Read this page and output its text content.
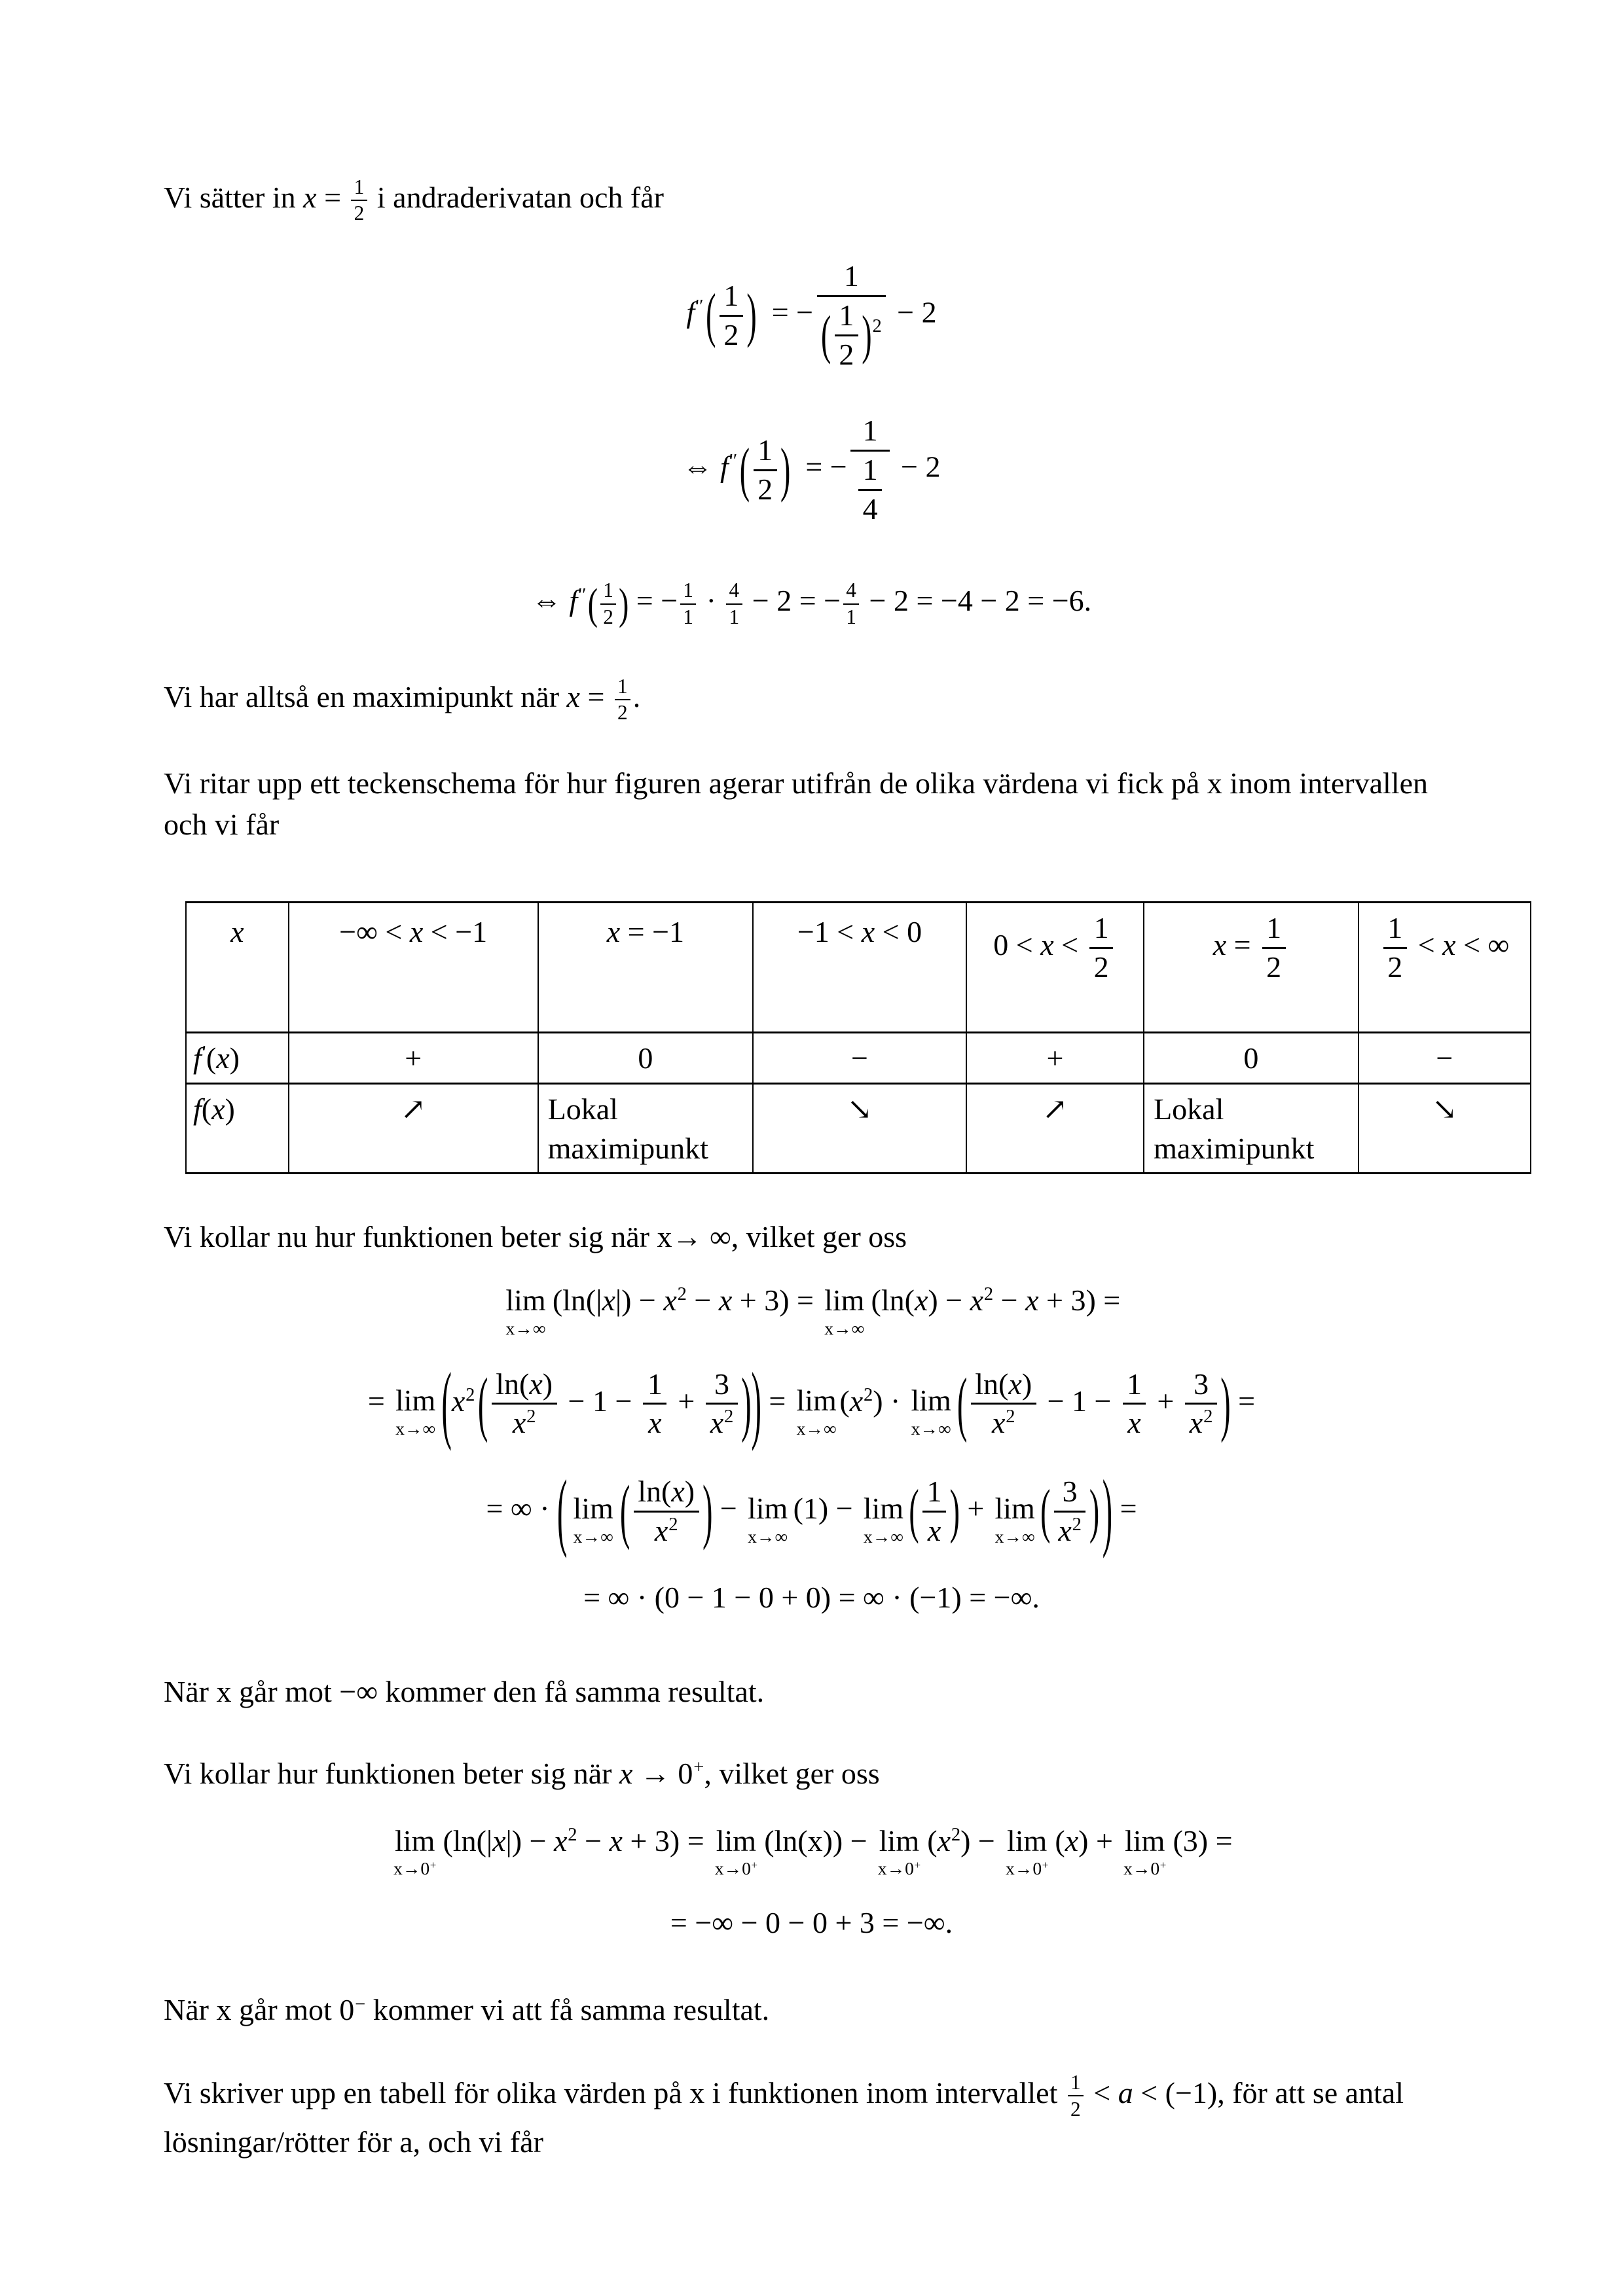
Vi sätter in $x = \frac{1}{2}$ i andraderivatan och får

$f''( \frac{1}{2}$ )  = − $\frac{1}{( \frac{1}{2} )^2} - 2$
⇔ $f''( \frac{1}{2}$ )  = − $\frac{1}{\frac{1}{4}} - 2$
⇔ $f''( \frac{1}{2}$ ) = − $\frac{1}{1} \cdot \frac{4}{1} - 2$ = − $\frac{4}{1} - 2 = -4 - 2 = -6$.

Vi har alltså en maximipunkt när $x = \frac{1}{2}$ .

Vi ritar upp ett teckenschema för hur figuren agerar utifrån de olika värdena vi fick på x inom intervallen och vi får

x	−∞ < x < −1	x = −1	−1 < x < 0	$0 < x < \frac{1}{2}$	$x = \frac{1}{2}$	$\frac{1}{2} < x$ < ∞
f′(x)	+	0	−	+	0	−
f(x)	↗	Lokal maximipunkt	↘	↗	Lokal maximipunkt	↘

Vi kollar nu hur funktionen beter sig när x→ ∞, vilket ger oss

lim
x→∞
$(\ln(|x|) - x^2 - x + 3) = \lim$
x→∞
$(\ln(x) - x^2 - x + 3)$ =
= lim
x→∞ ($x^2( \frac{\ln(x)}{x^2} - 1 - \frac{1}{x} + \frac{3}{x^2}$ )) = lim
x→∞
$(x^2) \cdot \lim$
x→∞ ( $\frac{\ln(x)}{x^2} - 1 - \frac{1}{x} + \frac{3}{x^2}$ ) =
= ∞ · ( lim
x→∞ ( $\frac{\ln(x)}{x^2}$ ) − lim
x→∞
(1) − lim
x→∞ ( $\frac{1}{x}$ ) + lim
x→∞ ( $\frac{3}{x^2}$ )) =
= ∞ · (0 − 1 − 0 + 0) = ∞ · (−1) = −∞.

När x går mot −∞ kommer den få samma resultat.

Vi kollar hur funktionen beter sig när x → 0+, vilket ger oss

lim
x→0+
$(\ln(|x|) - x^2 - x + 3) = \lim$
x→0+
(ln(x)) − lim
x→0+
$(x^2) - \lim$
x→0+
(x) + lim
x→0+
(3) =
= −∞ − 0 − 0 + 3 = −∞.

När x går mot 0− kommer vi att få samma resultat.

Vi skriver upp en tabell för olika värden på x i funktionen inom intervallet $\frac{1}{2} < a < (-1)$, för att se antal lösningar/rötter för a, och vi får
